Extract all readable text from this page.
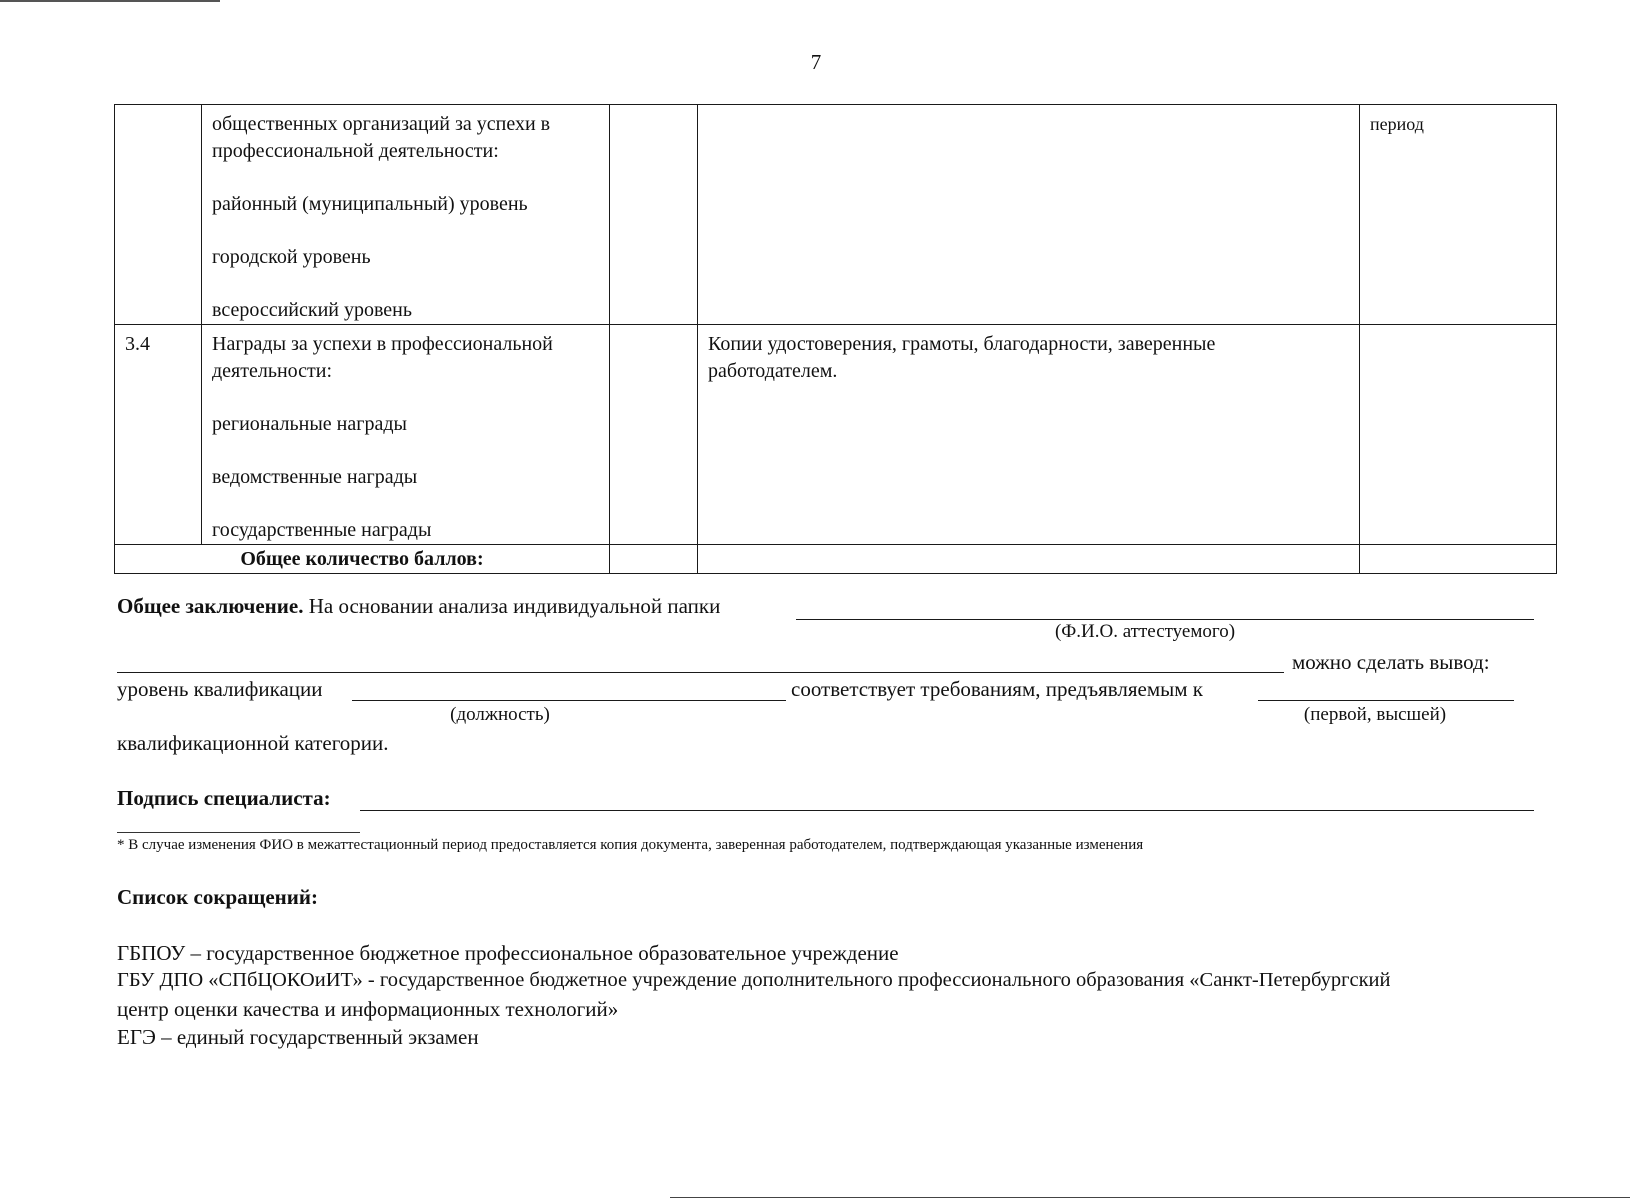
7

	общественных организаций за успехи в
профессиональной деятельности:
районный (муниципальный) уровень
городской уровень
всероссийский уровень			период
3.4	Награды за успехи в профессиональной
деятельности:
региональные награды
ведомственные награды
государственные награды		Копии удостоверения, грамоты, благодарности, заверенные работодателем.	
Общее количество баллов:				
Общее заключение. На основании анализа индивидуальной папки
(Ф.И.О. аттестуемого)
можно сделать вывод:
уровень квалификации	соответствует требованиям, предъявляемым к
(должность)	(первой, высшей)
квалификационной категории.
Подпись специалиста:
* В случае изменения ФИО в межаттестационный период предоставляется копия документа, заверенная работодателем, подтверждающая указанные изменения
Список сокращений:
ГБПОУ – государственное бюджетное профессиональное образовательное учреждение
ГБУ ДПО «СПбЦОКОиИТ» - государственное бюджетное учреждение дополнительного профессионального образования «Санкт-Петербургский
центр оценки качества и информационных технологий»
ЕГЭ – единый государственный экзамен
